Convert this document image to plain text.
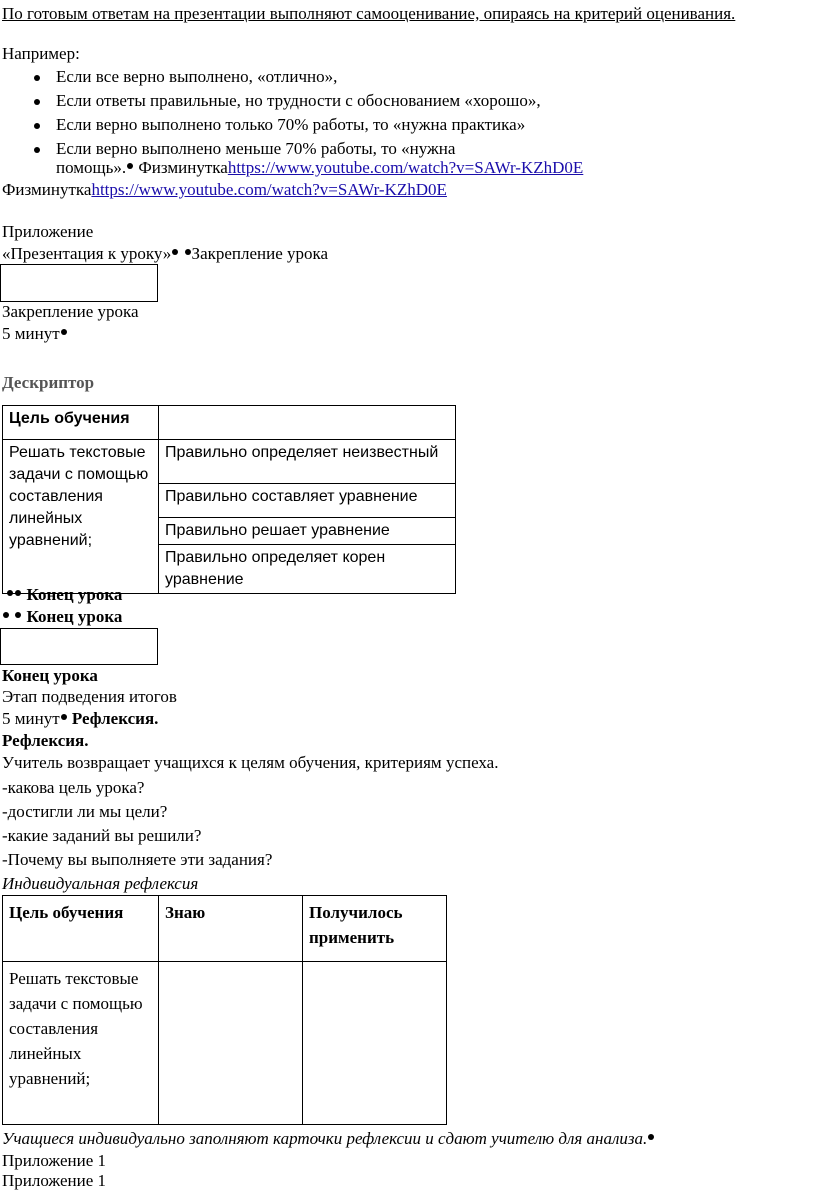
По готовым ответам на презентации выполняют самооценивание, опираясь на критерий оценивания.
Например:
Если все верно выполнено, «отлично»,
Если ответы правильные, но трудности с обоснованием «хорошо»,
Если верно выполнено только 70% работы, то «нужна практика»
Если верно выполнено меньше 70% работы, то «нужна
помощь». Физминуткаhttps://www.youtube.com/watch?v=SAWr-KZhD0E
Физминуткаhttps://www.youtube.com/watch?v=SAWr-KZhD0E
Приложение
«Презентация к уроку» Закрепление урока
Закрепление урока
5 минут
Дескриптор
Цель обучения	
Решать текстовые задачи с помощью составления линейных уравнений;	Правильно определяет неизвестный
	Правильно составляет уравнение
	Правильно решает уравнение
	Правильно определяет корен уравнение
Конец урока
Конец урока
Конец урока
Этап подведения итогов
5 минут Рефлексия.
Рефлексия.
Учитель возвращает учащихся к целям обучения, критериям успеха.
-какова цель урока?
-достигли ли мы цели?
-какие заданий вы решили?
-Почему вы выполняете эти задания?
Индивидуальная рефлексия
Цель обучения	Знаю	Получилось применить
Решать текстовые задачи с помощью составления линейных уравнений;		
Учащиеся индивидуально заполняют карточки рефлексии и сдают учителю для анализа. Приложение 1
Приложение 1
